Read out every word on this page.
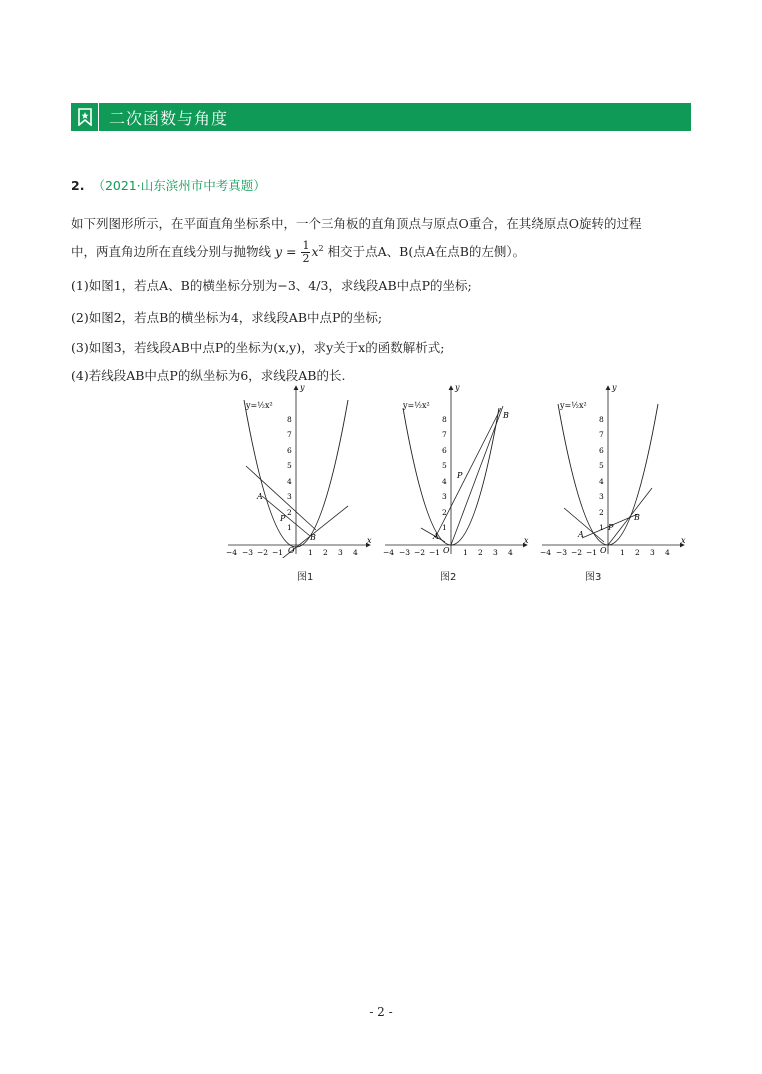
二次函数与角度
2. （2021·山东滨州市中考真题）
如下列图形所示，在平面直角坐标系中，一个三角板的直角顶点与原点O重合，在其绕原点O旋转的过程
中，两直角边所在直线分别与抛物线 $y = \frac{1}{2} x^2$ 相交于点A、B(点A在点B的左侧）。
(1)如图1，若点A、B的横坐标分别为−3、4/3，求线段AB中点P的坐标;
(2)如图2，若点B的横坐标为4，求线段AB中点P的坐标;
(3)如图3，若线段AB中点P的坐标为(x,y)，求y关于x的函数解析式;
(4)若线段AB中点P的纵坐标为6，求线段AB的长.
y=½x²
A
P
B
O
y
x
−4 −3 −2 −1	1 2 3 4
1
2
3
4
5
6
7
8
图1
y=½x²
B
P
A
O
y
x
−4 −3 −2 −1	1 2 3 4
1
2
3
4
5
6
7
8
图2
y=½x²
B
P
A
O
y
x
−4 −3 −2 −1	1 2 3 4
1
2
3
4
5
6
7
8
图3
- 2 -
